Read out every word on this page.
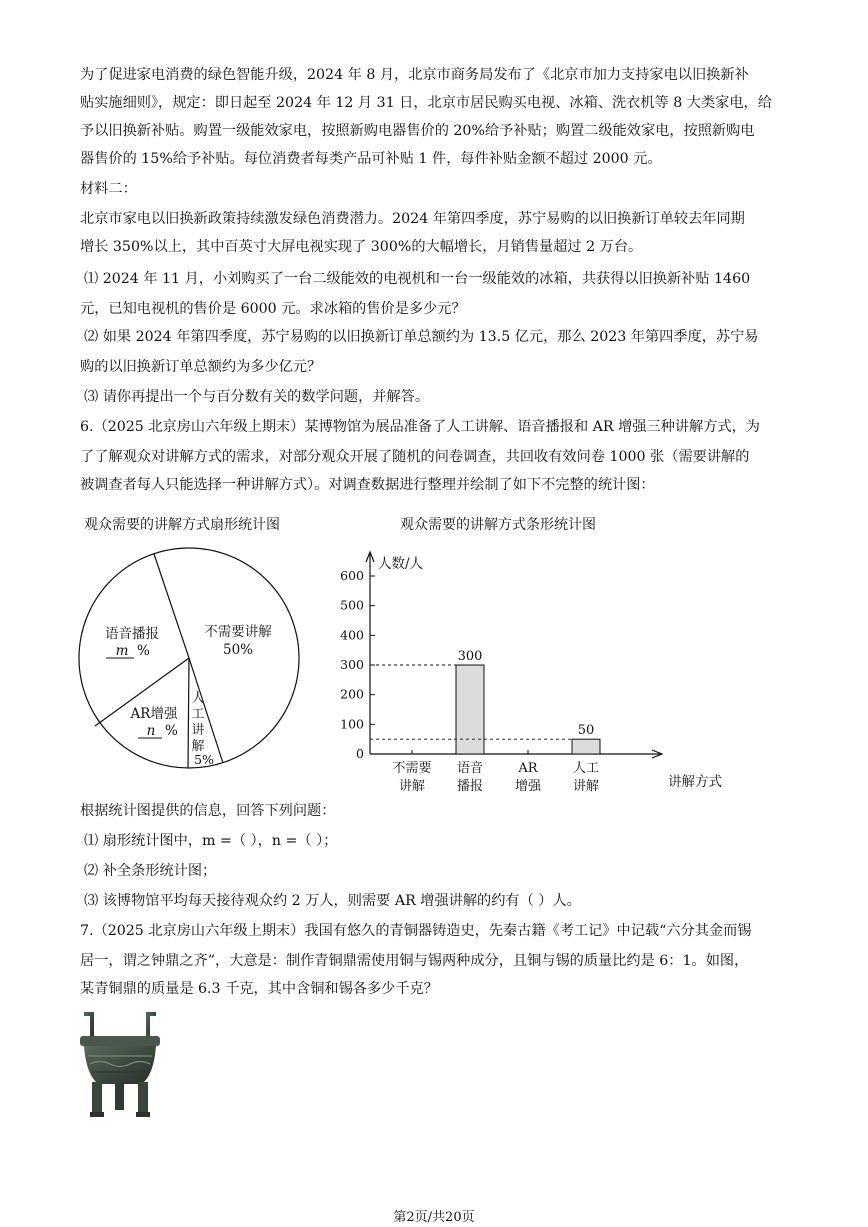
为了促进家电消费的绿色智能升级，2024 年 8 月，北京市商务局发布了《北京市加力支持家电以旧换新补

贴实施细则》，规定：即日起至 2024 年 12 月 31 日，北京市居民购买电视、冰箱、洗衣机等 8 大类家电，给

予以旧换新补贴。购置一级能效家电，按照新购电器售价的 20%给予补贴；购置二级能效家电，按照新购电

器售价的 15%给予补贴。每位消费者每类产品可补贴 1 件，每件补贴金额不超过 2000 元。

材料二：

北京市家电以旧换新政策持续激发绿色消费潜力。2024 年第四季度，苏宁易购的以旧换新订单较去年同期

增长 350%以上，其中百英寸大屏电视实现了 300%的大幅增长，月销售量超过 2 万台。

⑴ 2024 年 11 月，小刘购买了一台二级能效的电视机和一台一级能效的冰箱，共获得以旧换新补贴 1460

元，已知电视机的售价是 6000 元。求冰箱的售价是多少元？

⑵ 如果 2024 年第四季度，苏宁易购的以旧换新订单总额约为 13.5 亿元，那么 2023 年第四季度，苏宁易

购的以旧换新订单总额约为多少亿元？

⑶ 请你再提出一个与百分数有关的数学问题，并解答。

6.（2025 北京房山六年级上期末）某博物馆为展品准备了人工讲解、语音播报和 AR 增强三种讲解方式，为

了了解观众对讲解方式的需求，对部分观众开展了随机的问卷调查，共回收有效问卷 1000 张（需要讲解的

被调查者每人只能选择一种讲解方式）。对调查数据进行整理并绘制了如下不完整的统计图：

观众需要的讲解方式扇形统计图	观众需要的讲解方式条形统计图
不需要讲解
50%
语音播报
m %
AR增强
n %
人
工
讲
解
5%
人数/人
讲解方式
0
100
200
300
400
500
600
不需要
讲解
语音
播报
AR
增强
人工
讲解
300
50

根据统计图提供的信息，回答下列问题：

⑴ 扇形统计图中，m =（ ），n =（ ）；

⑵ 补全条形统计图；

⑶ 该博物馆平均每天接待观众约 2 万人，则需要 AR 增强讲解的约有（ ）人。

7.（2025 北京房山六年级上期末）我国有悠久的青铜器铸造史，先秦古籍《考工记》中记载“六分其金而锡

居一，谓之钟鼎之齐”，大意是：制作青铜鼎需使用铜与锡两种成分，且铜与锡的质量比约是 6：1。如图，

某青铜鼎的质量是 6.3 千克，其中含铜和锡各多少千克？

第2页/共20页
